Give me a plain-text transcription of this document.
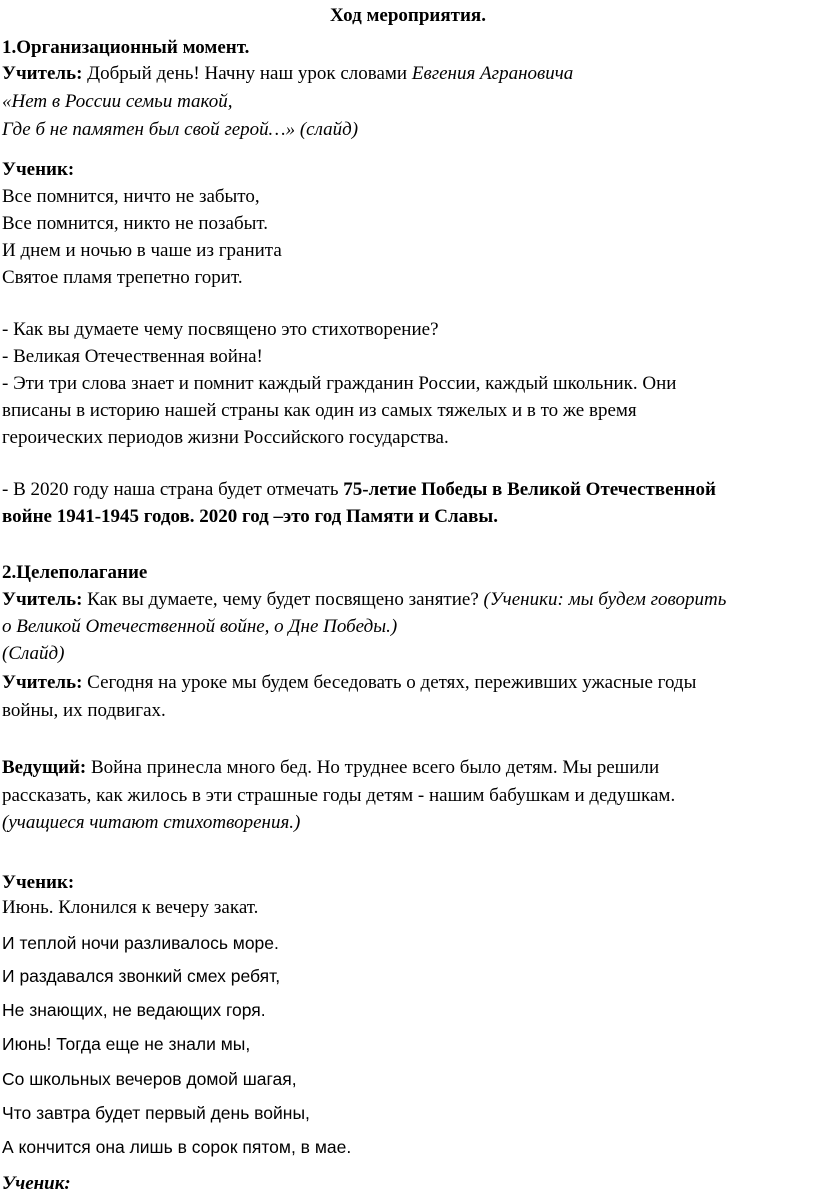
Ход мероприятия.
1.Организационный момент.
Учитель: Добрый день! Начну наш урок словами Евгения Аграновича
«Нет в России семьи такой,
Где б не памятен был свой герой…» (слайд)
Ученик:
Все помнится, ничто не забыто,
Все помнится, никто не позабыт.
И днем и ночью в чаше из гранита
Святое пламя трепетно горит.
- Как вы думаете чему посвящено это стихотворение?
- Великая Отечественная война!
- Эти три слова знает и помнит каждый гражданин России, каждый школьник. Они
вписаны в историю нашей страны как один из самых тяжелых и в то же время
героических периодов жизни Российского государства.
- В 2020 году наша страна будет отмечать 75-летие Победы в Великой Отечественной
войне 1941-1945 годов. 2020 год –это год Памяти и Славы.
2.Целеполагание
Учитель: Как вы думаете, чему будет посвящено занятие? (Ученики: мы будем говорить
о Великой Отечественной войне, о Дне Победы.)
(Слайд)
Учитель: Сегодня на уроке мы будем беседовать о детях, переживших ужасные годы
войны, их подвигах.
Ведущий: Война принесла много бед. Но труднее всего было детям. Мы решили
рассказать, как жилось в эти страшные годы детям - нашим бабушкам и дедушкам.
(учащиеся читают стихотворения.)
Ученик:
Июнь. Клонился к вечеру закат.
И теплой ночи разливалось море.
И раздавался звонкий смех ребят,
Не знающих, не ведающих горя.
Июнь! Тогда еще не знали мы,
Со школьных вечеров домой шагая,
Что завтра будет первый день войны,
А кончится она лишь в сорок пятом, в мае.
Ученик:
